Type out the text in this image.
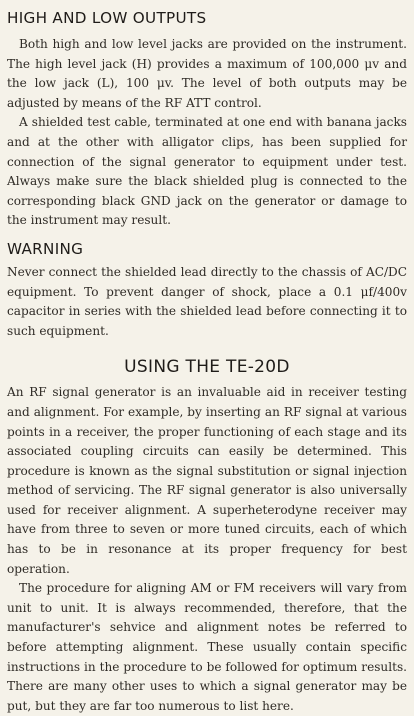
HIGH AND LOW OUTPUTS

Both high and low level jacks are provided on the instrument. The high level jack (H) provides a maximum of 100,000 μv and the low jack (L), 100 μv. The level of both outputs may be adjusted by means of the RF ATT control.

A shielded test cable, terminated at one end with banana jacks and at the other with alligator clips, has been supplied for connection of the signal generator to equipment under test. Always make sure the black shielded plug is connected to the corresponding black GND jack on the generator or damage to the instrument may result.

WARNING

Never connect the shielded lead directly to the chassis of AC/DC equipment. To prevent danger of shock, place a 0.1 μf/400v capacitor in series with the shielded lead before connecting it to such equipment.

USING THE TE-20D

An RF signal generator is an invaluable aid in receiver testing and alignment. For example, by inserting an RF signal at various points in a receiver, the proper functioning of each stage and its associated coupling circuits can easily be determined. This procedure is known as the signal substitution or signal injection method of servicing. The RF signal generator is also universally used for receiver alignment. A superheterodyne receiver may have from three to seven or more tuned circuits, each of which has to be in resonance at its proper frequency for best operation.

The procedure for aligning AM or FM receivers will vary from unit to unit. It is always recommended, therefore, that the manufacturer's sehvice and alignment notes be referred to before attempting alignment. These usually contain specific instructions in the procedure to be followed for optimum results. There are many other uses to which a signal generator may be put, but they are far too numerous to list here.
